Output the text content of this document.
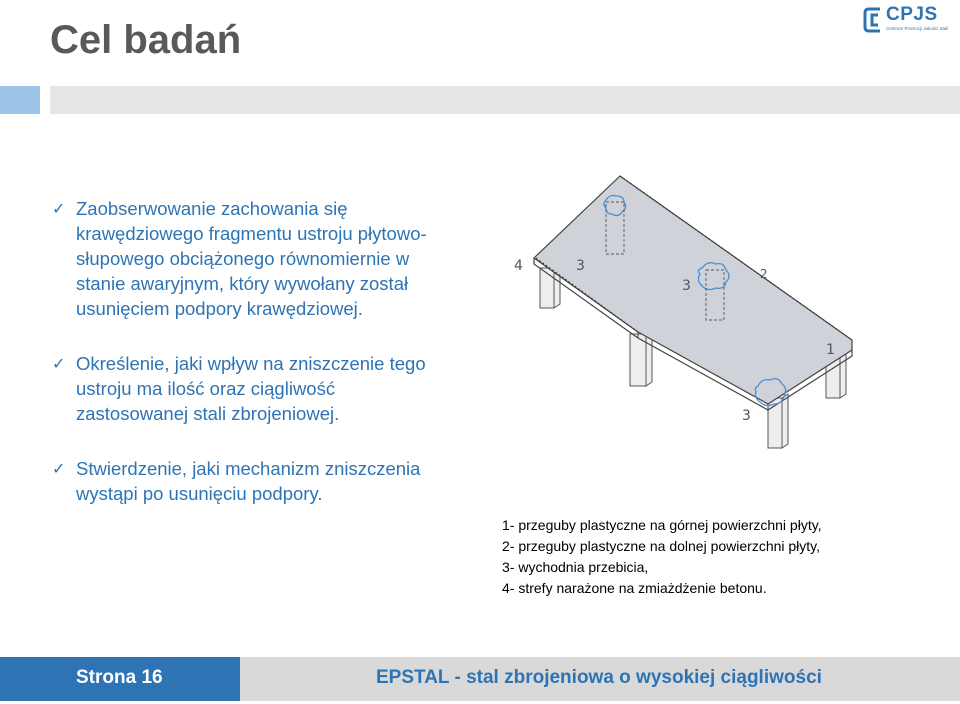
Cel badań
CPJS
Centrum Promocji Jakości Stali
✓ Zaobserwowanie zachowania się krawędziowego fragmentu ustroju płytowo-słupowego obciążonego równomiernie w stanie awaryjnym, który wywołany został usunięciem podpory krawędziowej.
✓ Określenie, jaki wpływ na zniszczenie tego ustroju ma ilość oraz ciągliwość zastosowanej stali zbrojeniowej.
✓ Stwierdzenie, jaki mechanizm zniszczenia wystąpi po usunięciu podpory.
4	3
3
3
1
2
1- przeguby plastyczne na górnej powierzchni płyty,
2- przeguby plastyczne na dolnej powierzchni płyty,
3- wychodnia przebicia,
4- strefy narażone na zmiażdżenie betonu.
Strona 16	EPSTAL - stal zbrojeniowa o wysokiej ciągliwości
